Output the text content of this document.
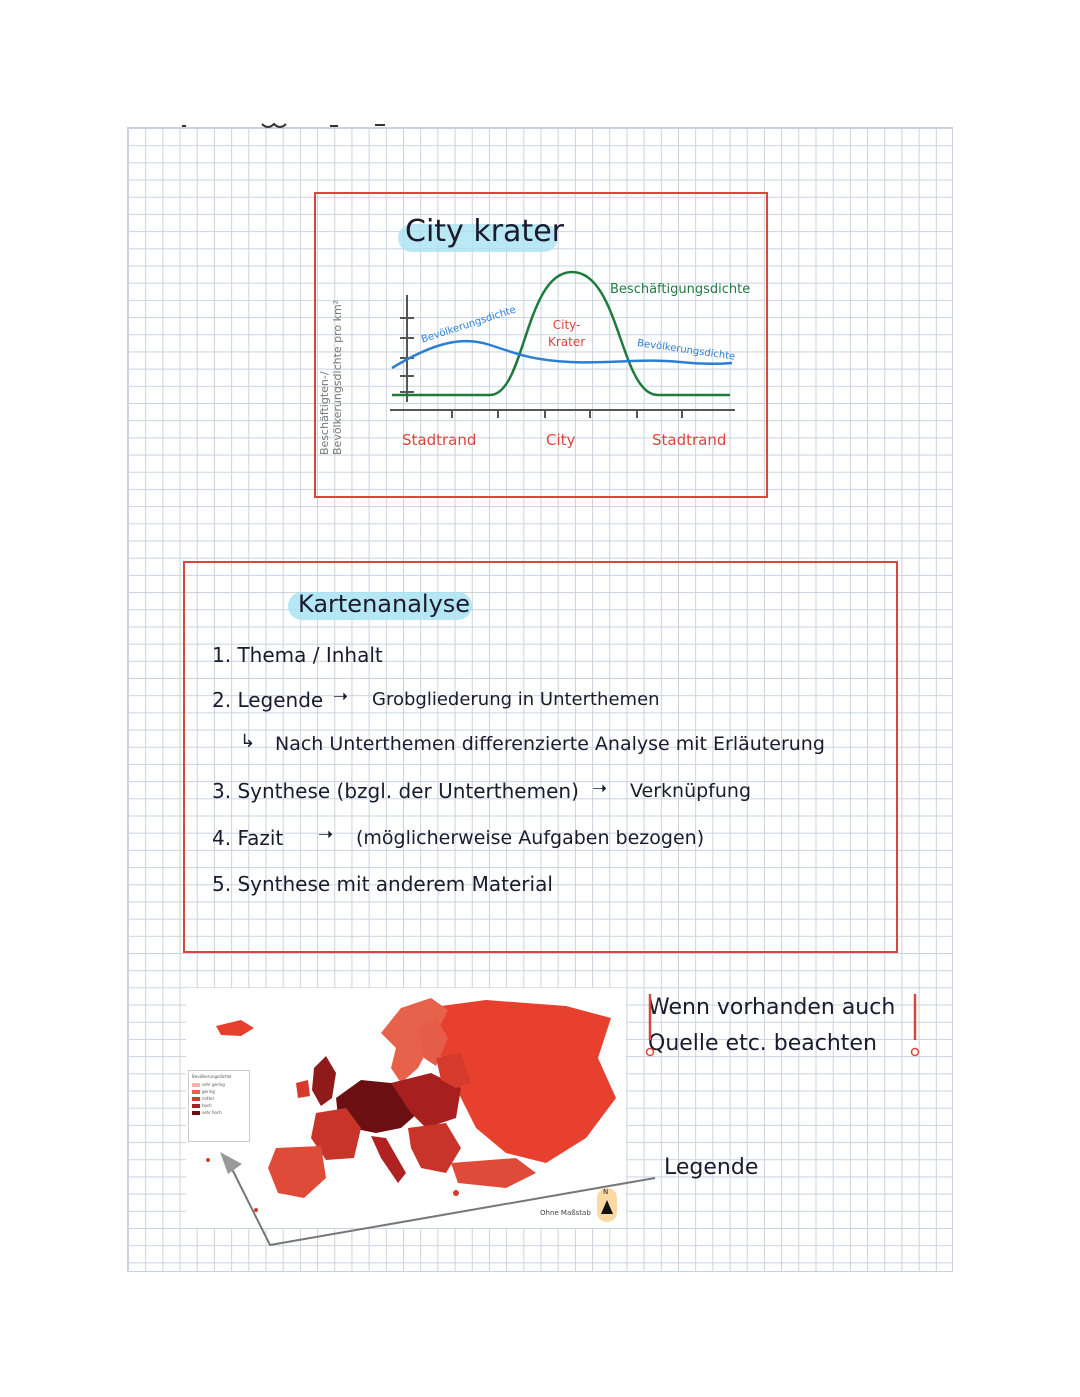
City krater
Beschäftigten-/ Bevölkerungsdichte pro km²
Beschäftigungsdichte
Bevölkerungsdichte
Bevölkerungsdichte
City-
Krater
Stadtrand	City	Stadtrand
Kartenanalyse
1. Thema / Inhalt
2. Legende ➝ Grobgliederung in Unterthemen
↳ Nach Unterthemen differenzierte Analyse mit Erläuterung
3. Synthese (bzgl. der Unterthemen) ➝ Verknüpfung
4. Fazit ➝ (möglicherweise Aufgaben bezogen)
5. Synthese mit anderem Material
Bevölkerungsdichte
sehr gering
gering
mittel
hoch
sehr hoch
Ohne Maßstab
N
Wenn vorhanden auch
Quelle etc. beachten
Legende
